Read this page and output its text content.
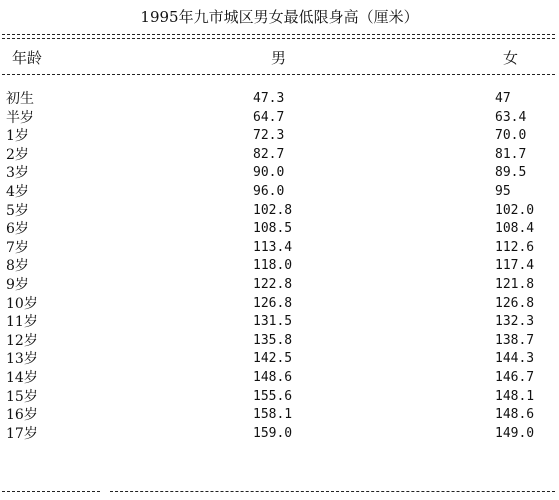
1995年九市城区男女最低限身高（厘米）
年龄	男	女
初生	47.3	47
半岁	64.7	63.4
1岁	72.3	70.0
2岁	82.7	81.7
3岁	90.0	89.5
4岁	96.0	95
5岁	102.8	102.0
6岁	108.5	108.4
7岁	113.4	112.6
8岁	118.0	117.4
9岁	122.8	121.8
10岁	126.8	126.8
11岁	131.5	132.3
12岁	135.8	138.7
13岁	142.5	144.3
14岁	148.6	146.7
15岁	155.6	148.1
16岁	158.1	148.6
17岁	159.0	149.0
